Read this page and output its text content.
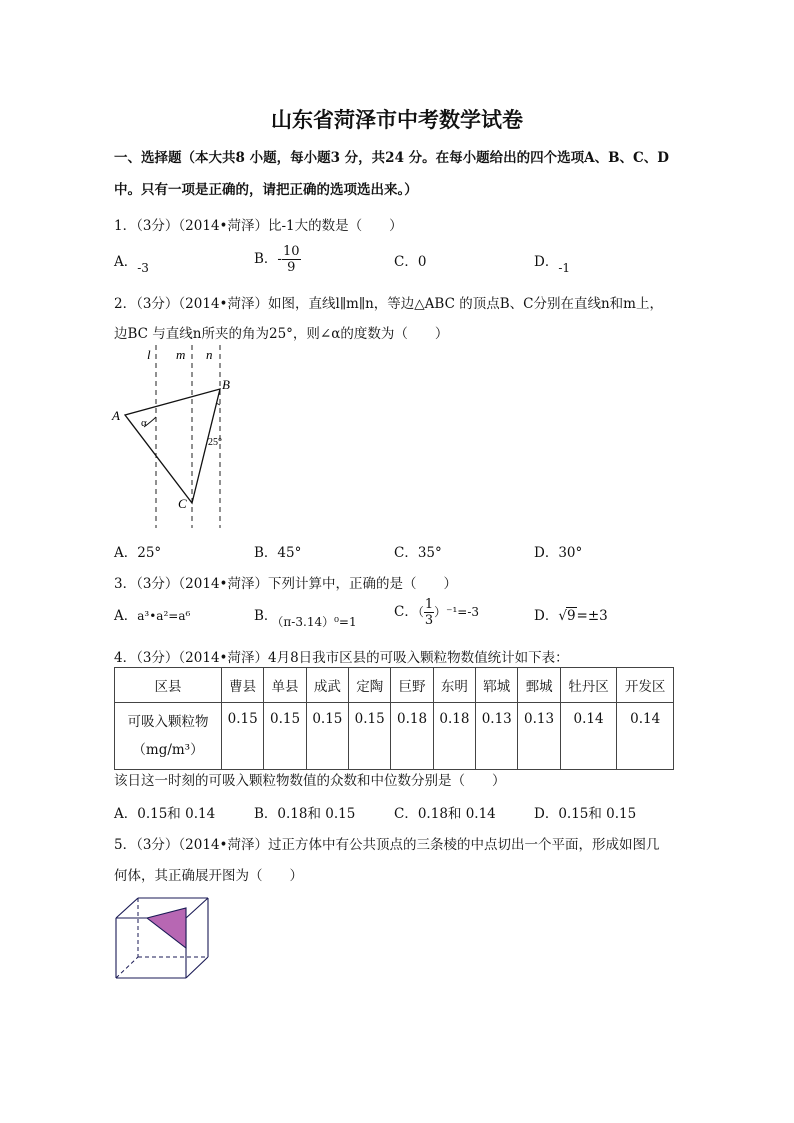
山东省菏泽市中考数学试卷
一、选择题（本大共8 小题，每小题3 分，共24 分。在每小题给出的四个选项A、B、C、D
中。只有一项是正确的，请把正确的选项选出来。）
1．（3分）（2014•菏泽）比-1大的数是（　　）
A．-3
B．- $\frac{10}{9}$	C．0	D．-1
2．（3分）（2014•菏泽）如图，直线l∥m∥n，等边△ABC 的顶点B、C分别在直线n和m上，
边BC 与直线n所夹的角为25°，则∠α的度数为（　　）
l m n
A
B
C
α
25°
A．25°	B．45°	C．35°	D．30°
3．（3分）（2014•菏泽）下列计算中，正确的是（　　）
A．a³•a²=a⁶	B．（π-3.14）⁰=1
C．（ $\frac{1}{3} )^{-1}=-3$	D．√9=±3
4．（3分）（2014•菏泽）4月8日我市区县的可吸入颗粒物数值统计如下表：
区县	曹县	单县	成武	定陶	巨野	东明	郓城	鄄城	牡丹区	开发区

可吸入颗粒物
（mg/m³）	0.15	0.15	0.15	0.15	0.18	0.18	0.13	0.13	0.14	0.14
该日这一时刻的可吸入颗粒物数值的众数和中位数分别是（　　）
A．0.15和 0.14	B．0.18和 0.15	C．0.18和 0.14	D．0.15和 0.15
5．（3分）（2014•菏泽）过正方体中有公共顶点的三条棱的中点切出一个平面，形成如图几
何体，其正确展开图为（　　）
